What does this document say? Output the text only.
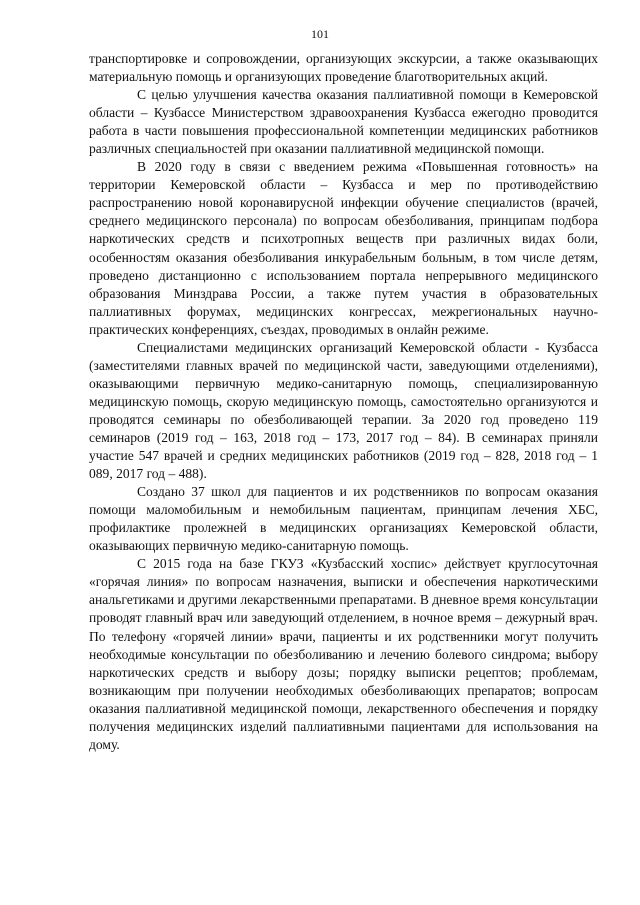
101

транспортировке и сопровождении, организующих экскурсии, а также оказывающих материальную помощь и организующих проведение благотворительных акций.

С целью улучшения качества оказания паллиативной помощи в Кемеровской области – Кузбассе Министерством здравоохранения Кузбасса ежегодно проводится работа в части повышения профессиональной компетенции медицинских работников различных специальностей при оказании паллиативной медицинской помощи.

В 2020 году в связи с введением режима «Повышенная готовность» на территории Кемеровской области – Кузбасса и мер по противодействию распространению новой коронавирусной инфекции обучение специалистов (врачей, среднего медицинского персонала) по вопросам обезболивания, принципам подбора наркотических средств и психотропных веществ при различных видах боли, особенностям оказания обезболивания инкурабельным больным, в том числе детям, проведено дистанционно с использованием портала непрерывного медицинского образования Минздрава России, а также путем участия в образовательных паллиативных форумах, медицинских конгрессах, межрегиональных научно-практических конференциях, съездах, проводимых в онлайн режиме.

Специалистами медицинских организаций Кемеровской области - Кузбасса (заместителями главных врачей по медицинской части, заведующими отделениями), оказывающими первичную медико-санитарную помощь, специализированную медицинскую помощь, скорую медицинскую помощь, самостоятельно организуются и проводятся семинары по обезболивающей терапии. За 2020 год проведено 119 семинаров (2019 год – 163, 2018 год – 173, 2017 год – 84). В семинарах приняли участие 547 врачей и средних медицинских работников (2019 год – 828, 2018 год – 1 089, 2017 год – 488).

Создано 37 школ для пациентов и их родственников по вопросам оказания помощи маломобильным и немобильным пациентам, принципам лечения ХБС, профилактике пролежней в медицинских организациях Кемеровской области, оказывающих первичную медико-санитарную помощь.

С 2015 года на базе ГКУЗ «Кузбасский хоспис» действует круглосуточная «горячая линия» по вопросам назначения, выписки и обеспечения наркотическими анальгетиками и другими лекарственными препаратами. В дневное время консультации проводят главный врач или заведующий отделением, в ночное время – дежурный врач. По телефону «горячей линии» врачи, пациенты и их родственники могут получить необходимые консультации по обезболиванию и лечению болевого синдрома; выбору наркотических средств и выбору дозы; порядку выписки рецептов; проблемам, возникающим при получении необходимых обезболивающих препаратов; вопросам оказания паллиативной медицинской помощи, лекарственного обеспечения и порядку получения медицинских изделий паллиативными пациентами для использования на дому.
